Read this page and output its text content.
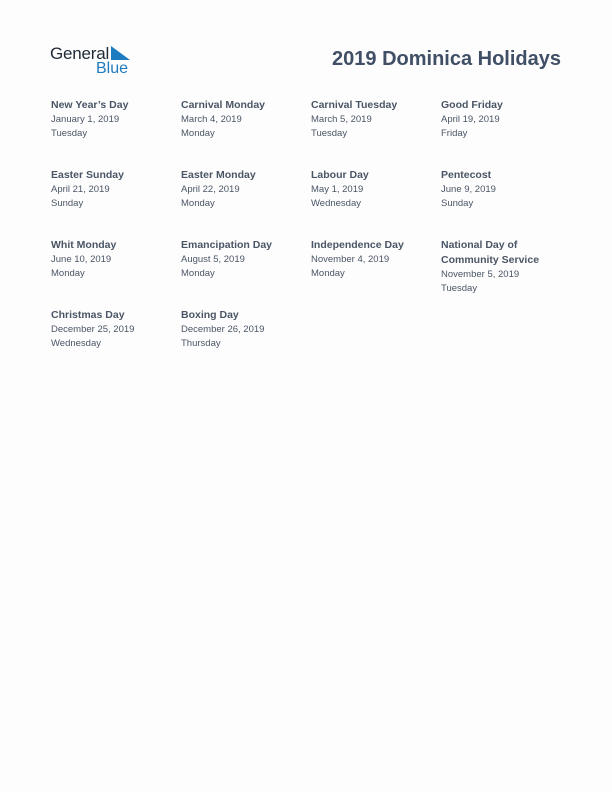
General
Blue	2019 Dominica Holidays
New Year’s Day
January 1, 2019
Tuesday
Carnival Monday
March 4, 2019
Monday
Carnival Tuesday
March 5, 2019
Tuesday
Good Friday
April 19, 2019
Friday
Easter Sunday
April 21, 2019
Sunday
Easter Monday
April 22, 2019
Monday
Labour Day
May 1, 2019
Wednesday
Pentecost
June 9, 2019
Sunday
Whit Monday
June 10, 2019
Monday
Emancipation Day
August 5, 2019
Monday
Independence Day
November 4, 2019
Monday
National Day of Community Service
November 5, 2019
Tuesday
Christmas Day
December 25, 2019
Wednesday
Boxing Day
December 26, 2019
Thursday
